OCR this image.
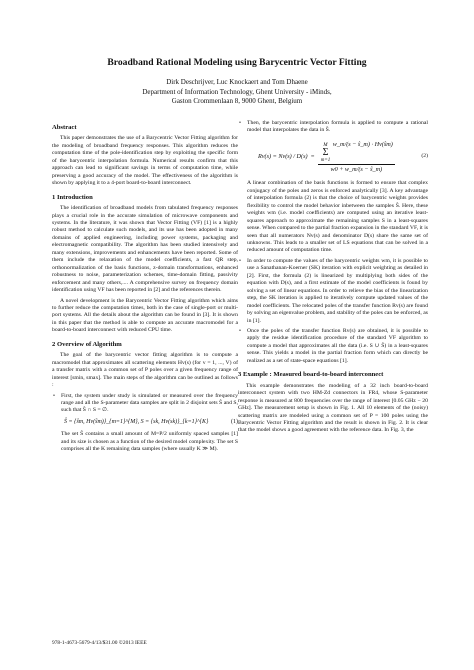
Broadband Rational Modeling using Barycentric Vector Fitting
Dirk Deschrijver, Luc Knockaert and Tom Dhaene
Department of Information Technology, Ghent University - iMinds,
Gaston Crommenlaan 8, 9000 Ghent, Belgium
Abstract

This paper demonstrates the use of a Barycentric Vector Fitting algorithm for the modeling of broadband frequency responses. This algorithm reduces the computation time of the pole-identification step by exploiting the specific form of the barycentric interpolation formula. Numerical results confirm that this approach can lead to significant savings in terms of computation time, while preserving a good accuracy of the model. The effectiveness of the algorithm is shown by applying it to a 4-port board-to-board interconnect.

1 Introduction

The identification of broadband models from tabulated frequency responses plays a crucial role in the accurate simulation of microwave components and systems. In the literature, it was shown that Vector Fitting (VF) [1] is a highly robust method to calculate such models, and its use has been adopted in many domains of applied engineering, including power systems, packaging and electromagnetic compatibility. The algorithm has been studied intensively and many extensions, improvements and enhancements have been reported. Some of them include the relaxation of the model coefficients, a fast QR step, orthonormalization of the basis functions, z-domain transformations, enhanced robustness to noise, parameterization schemes, time-domain fitting, passivity enforcement and many others,.... A comprehensive survey on frequency domain identification using VF has been reported in [2] and the references therein.

A novel development is the Barycentric Vector Fitting algorithm which aims to further reduce the computation times, both in the case of single-port or multi-port systems. All the details about the algorithm can be found in [3]. It is shown in this paper that the method is able to compute an accurate macromodel for a board-to-board interconnect with reduced CPU time.

2 Overview of Algorithm

The goal of the barycentric vector fitting algorithm is to compute a macromodel that approximates all scattering elements Hv(s) (for v = 1, ..., V) of a transfer matrix with a common set of P poles over a given frequency range of interest [smin, smax]. The main steps of the algorithm can be outlined as follows :

• First, the system under study is simulated or measured over the frequency range and all the S-parameter data samples are split in 2 disjoint sets Ŝ and S, such that Ŝ ∩ S = ∅.
Ŝ = {ŝm, Hv(ŝm)}_{m=1}^{M}, S = {sk, Hv(sk)}_{k=1}^{K}	(1)

The set Ŝ contains a small amount of M=P/2 uniformly spaced samples [1] and its size is chosen as a function of the desired model complexity. The set S comprises all the K remaining data samples (where usually K ≫ M).

• Then, the barycentric interpolation formula is applied to compute a rational model that interpolates the data in Ŝ.
Rv(s) = Nv(s) / D(s) = M
Σ
m=1
w_m/(s − ŝ_m) · Hv(ŝm)
w0 + w_m/(s − ŝ_m)	(2)

A linear combination of the basis functions is formed to ensure that complex conjugacy of the poles and zeros is enforced analytically [3]. A key advantage of interpolation formula (2) is that the choice of barycentric weights provides flexibility to control the model behavior inbetween the samples Ŝ. Here, these weights wm (i.e. model coefficients) are computed using an iterative least-squares approach to approximate the remaining samples S in a least-squares sense. When compared to the partial fraction expansion in the standard VF, it is seen that all numerators Nv(s) and denominator D(s) share the same set of unknowns. This leads to a smaller set of LS equations that can be solved in a reduced amount of computation time.

• In order to compute the values of the barycentric weights wm, it is possible to use a Sanathanan-Koerner (SK) iteration with explicit weighting as detailed in [2]. First, the formula (2) is linearized by multiplying both sides of the equation with D(s), and a first estimate of the model coefficients is found by solving a set of linear equations. In order to relieve the bias of the linearization step, the SK iteration is applied to iteratively compute updated values of the model coefficients. The relocated poles of the transfer function Rv(s) are found by solving an eigenvalue problem, and stability of the poles can be enforced, as in [1].
• Once the poles of the transfer function Rv(s) are obtained, it is possible to apply the residue identification procedure of the standard VF algorithm to compute a model that approximates all the data (i.e. S ∪ Ŝ) in a least-squares sense. This yields a model in the partial fraction form which can directly be realized as a set of state-space equations [1].
3 Example : Measured board-to-board interconnect

This example demonstrates the modeling of a 32 inch board-to-board interconnect system with two HM-Zd connectors in FR4, whose S-parameter response is measured at 800 frequencies over the range of interest [0.05 GHz − 20 GHz]. The measurement setup is shown in Fig. 1. All 10 elements of the (noisy) scattering matrix are modeled using a common set of P = 100 poles using the Barycentric Vector Fitting algorithm and the result is shown in Fig. 2. It is clear that the model shows a good agreement with the reference data. In Fig. 3, the

978-1-4673-5679-4/13/$31.00 ©2013 IEEE
